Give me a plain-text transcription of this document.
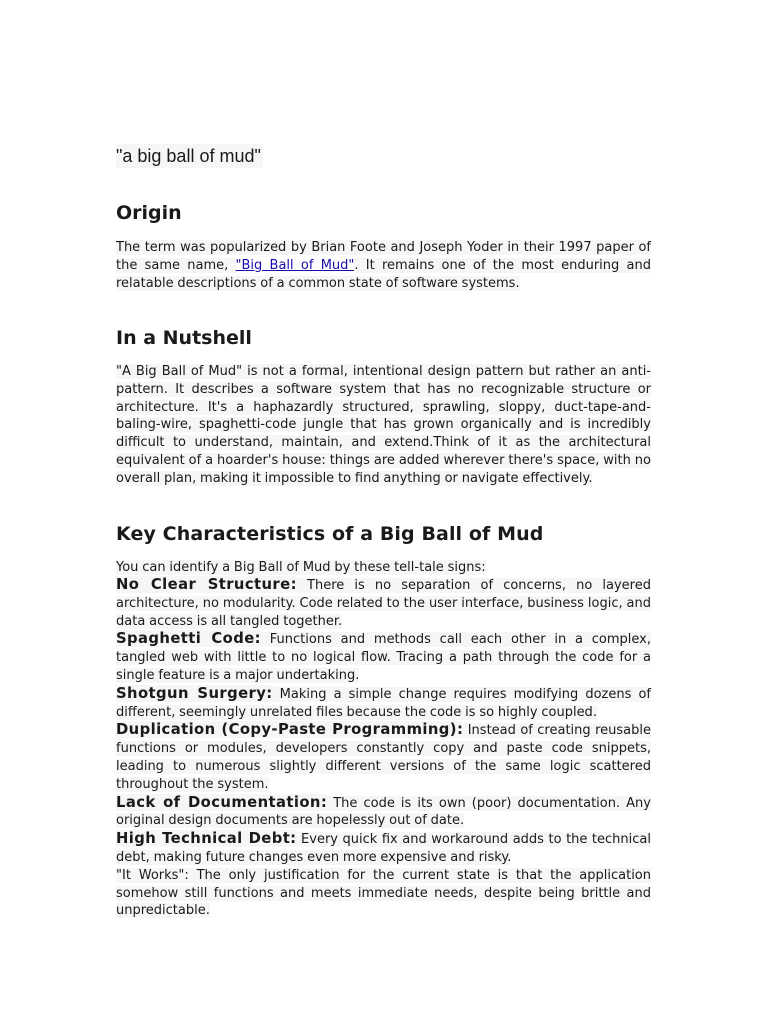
"a big ball of mud"
Origin

The term was popularized by Brian Foote and Joseph Yoder in their 1997 paper of the same name, "Big Ball of Mud". It remains one of the most enduring and relatable descriptions of a common state of software systems.

In a Nutshell

"A Big Ball of Mud" is not a formal, intentional design pattern but rather an anti-pattern. It describes a software system that has no recognizable structure or architecture. It's a haphazardly structured, sprawling, sloppy, duct-tape-and-baling-wire, spaghetti-code jungle that has grown organically and is incredibly difficult to understand, maintain, and extend.Think of it as the architectural equivalent of a hoarder's house: things are added wherever there's space, with no overall plan, making it impossible to find anything or navigate effectively.

Key Characteristics of a Big Ball of Mud

You can identify a Big Ball of Mud by these tell-tale signs:

No Clear Structure: There is no separation of concerns, no layered architecture, no modularity. Code related to the user interface, business logic, and data access is all tangled together.
Spaghetti Code: Functions and methods call each other in a complex, tangled web with little to no logical flow. Tracing a path through the code for a single feature is a major undertaking.
Shotgun Surgery: Making a simple change requires modifying dozens of different, seemingly unrelated files because the code is so highly coupled.
Duplication (Copy-Paste Programming): Instead of creating reusable functions or modules, developers constantly copy and paste code snippets, leading to numerous slightly different versions of the same logic scattered throughout the system.
Lack of Documentation: The code is its own (poor) documentation. Any original design documents are hopelessly out of date.
High Technical Debt: Every quick fix and workaround adds to the technical debt, making future changes even more expensive and risky.
"It Works": The only justification for the current state is that the application somehow still functions and meets immediate needs, despite being brittle and unpredictable.
